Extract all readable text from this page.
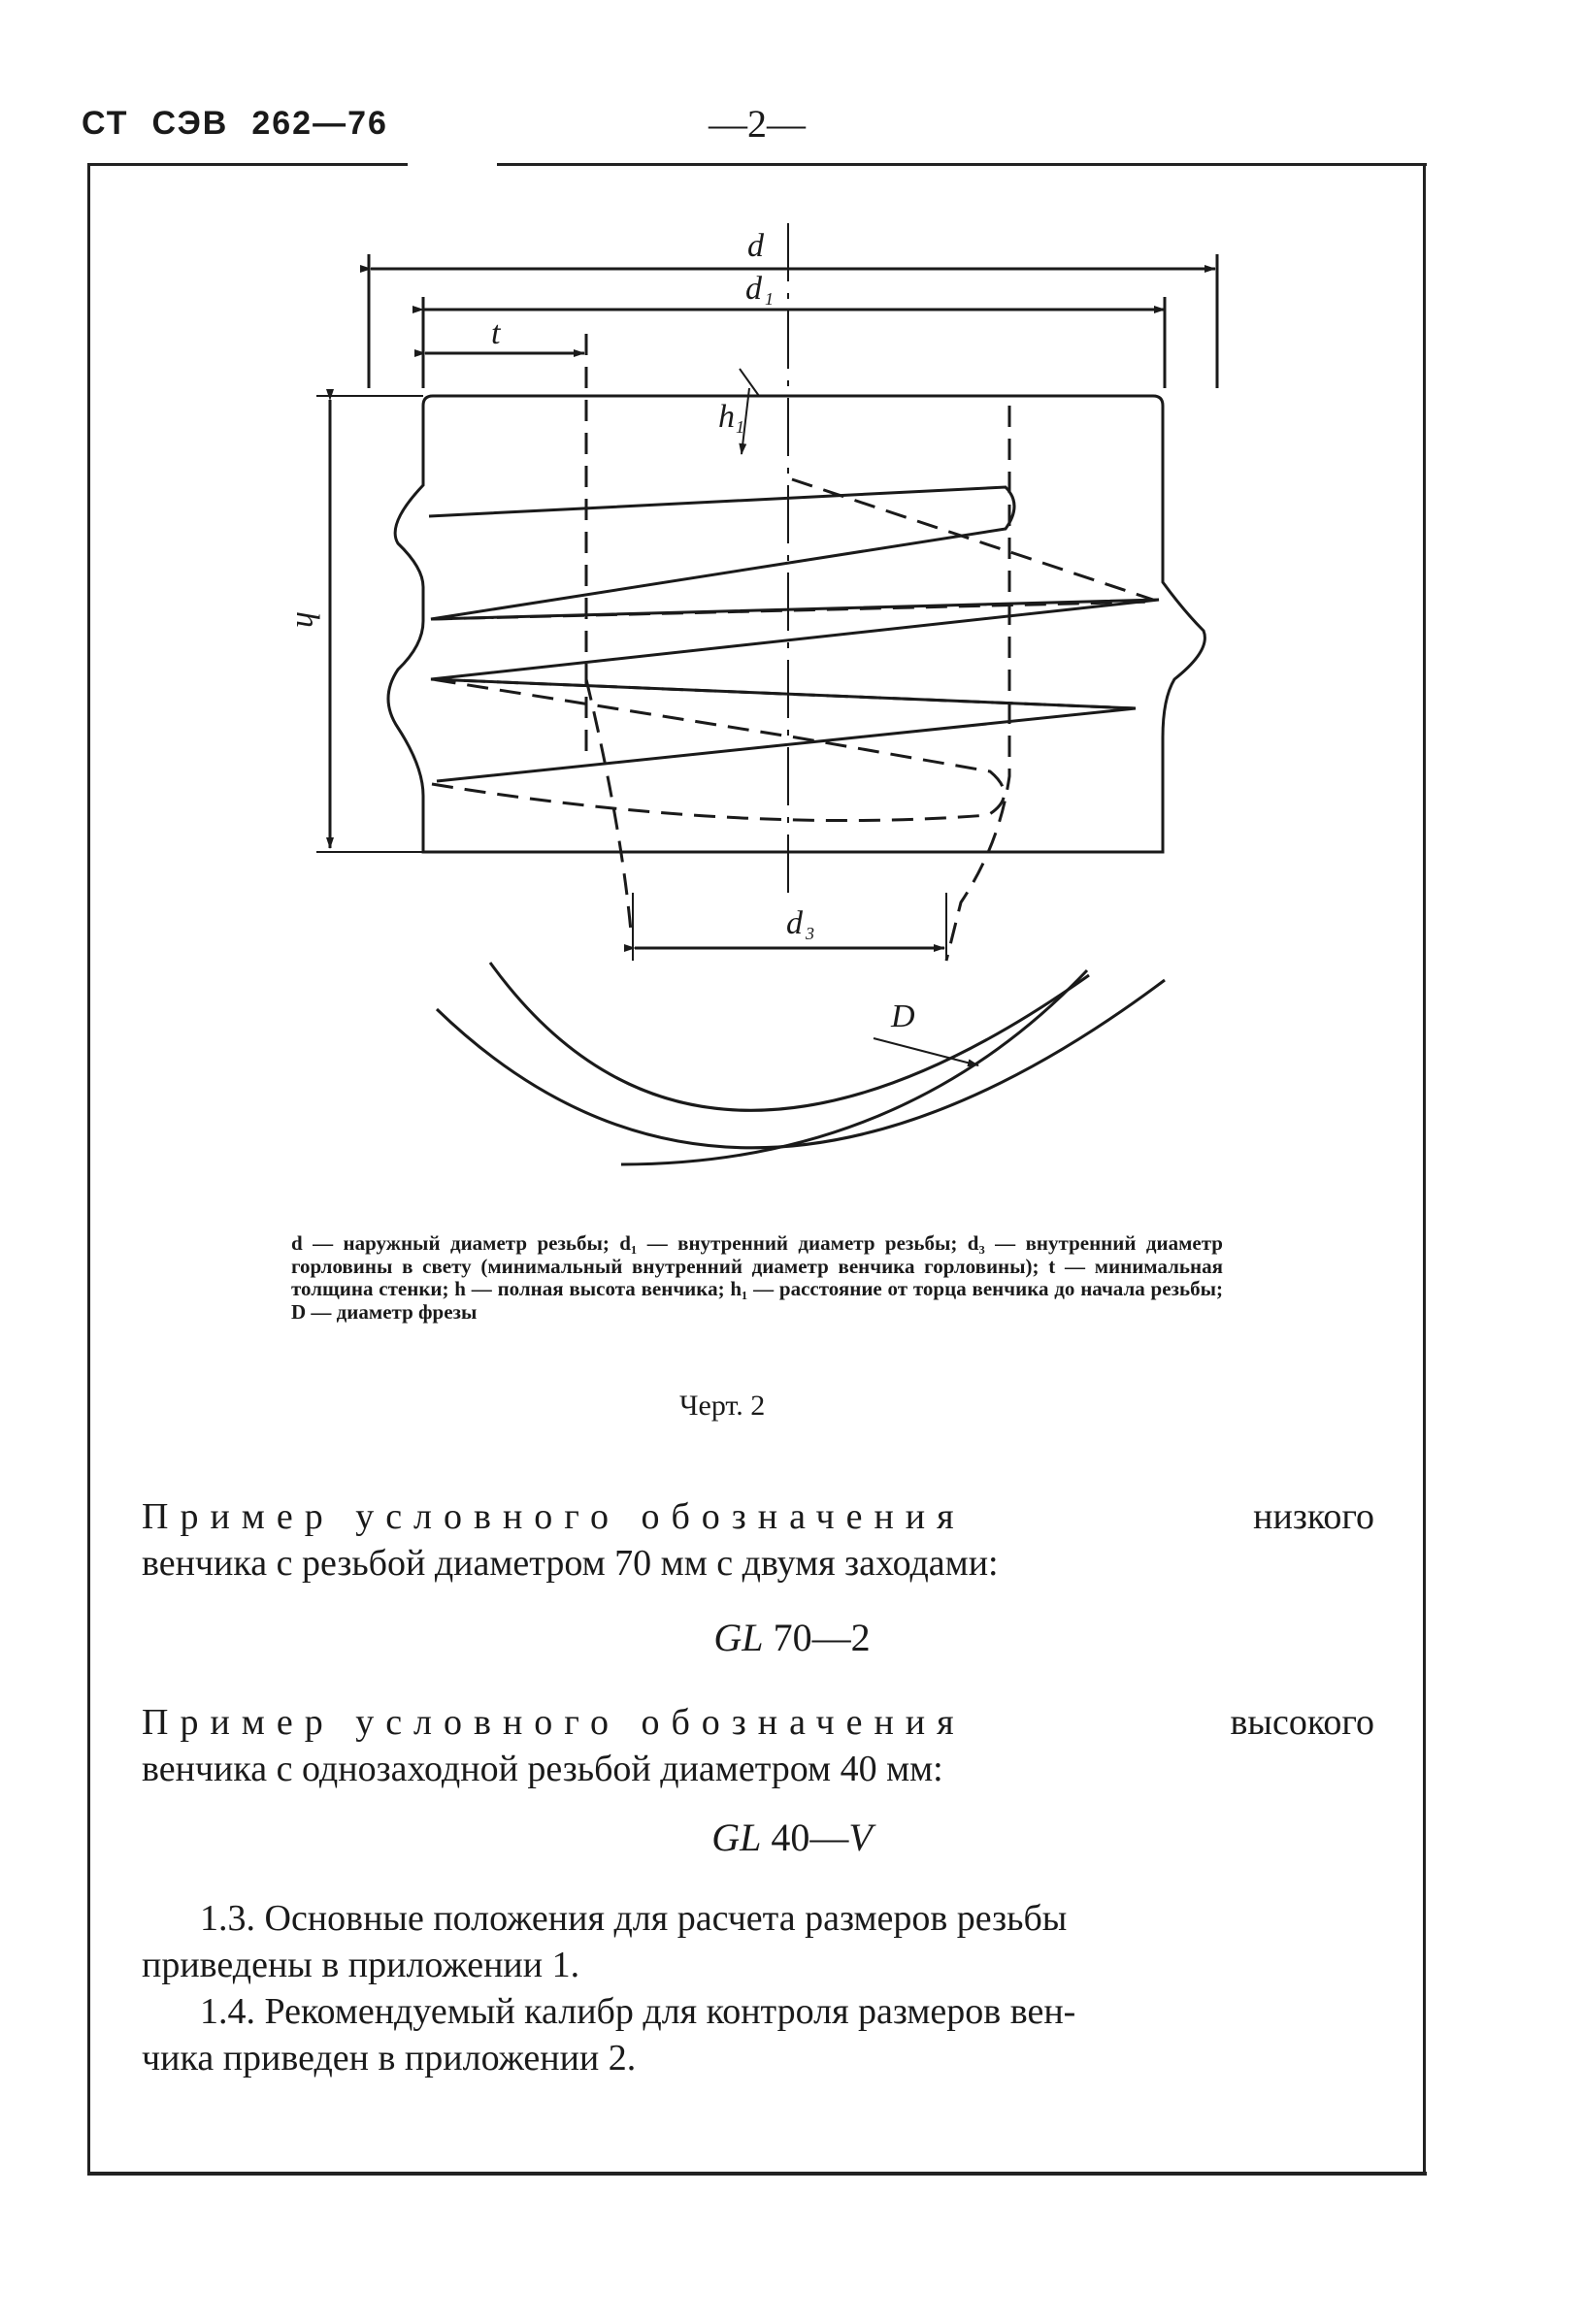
СТ СЭВ 262—76	—2—
d
d 1
t
h 1
h
d 3
D
d — наружный диаметр резьбы; d₁ — внутренний диаметр резьбы; d₃ — внутренний диаметр горловины в свету (минимальный внутренний диаметр венчика горловины); t — минимальная толщина стенки; h — полная высота венчика; h₁ — расстояние от торца венчика до начала резьбы; D — диаметр фрезы
Черт. 2
Пример условного обозначения	низкого
венчика с резьбой диаметром 70 мм с двумя заходами:
GL 70—2
Пример условного обозначения	высокого
венчика с однозаходной резьбой диаметром 40 мм:
GL 40—V
1.3. Основные положения для расчета размеров резьбы
приведены в приложении 1.
1.4. Рекомендуемый калибр для контроля размеров вен-
чика приведен в приложении 2.
